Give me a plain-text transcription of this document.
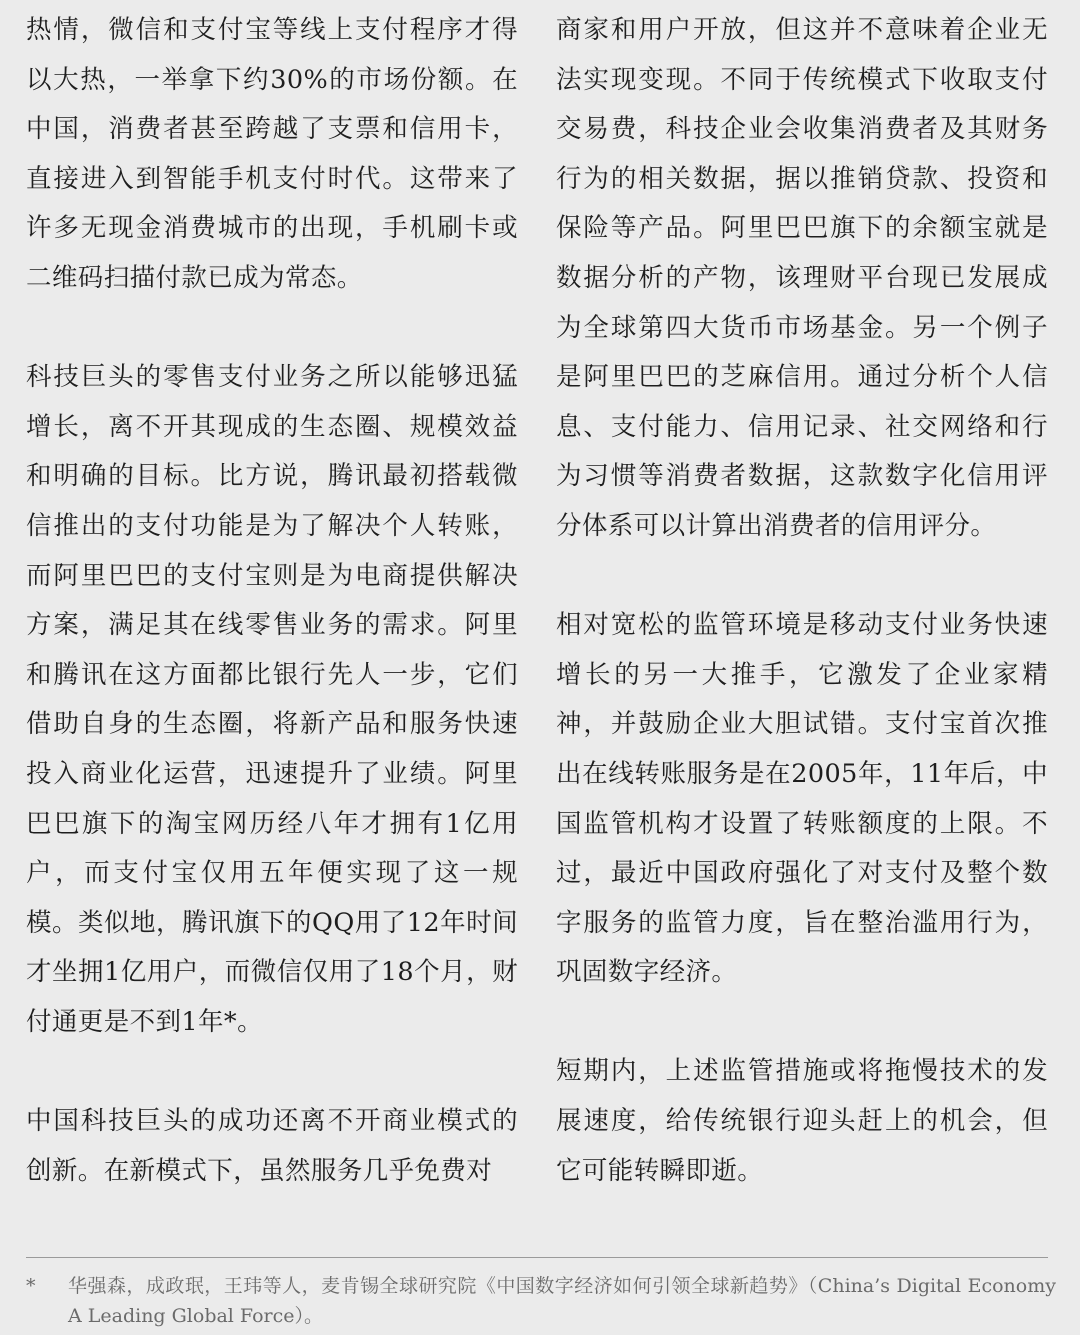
热情，微信和支付宝等线上支付程序才得以大热，一举拿下约30%的市场份额。在中国，消费者甚至跨越了支票和信用卡，直接进入到智能手机支付时代。这带来了许多无现金消费城市的出现，手机刷卡或二维码扫描付款已成为常态。

科技巨头的零售支付业务之所以能够迅猛增长，离不开其现成的生态圈、规模效益和明确的目标。比方说，腾讯最初搭载微信推出的支付功能是为了解决个人转账，而阿里巴巴的支付宝则是为电商提供解决方案，满足其在线零售业务的需求。阿里和腾讯在这方面都比银行先人一步，它们借助自身的生态圈，将新产品和服务快速投入商业化运营，迅速提升了业绩。阿里巴巴旗下的淘宝网历经八年才拥有1亿用户，而支付宝仅用五年便实现了这一规模。类似地，腾讯旗下的QQ用了12年时间才坐拥1亿用户，而微信仅用了18个月，财付通更是不到1年*。

中国科技巨头的成功还离不开商业模式的创新。在新模式下，虽然服务几乎免费对

商家和用户开放，但这并不意味着企业无法实现变现。不同于传统模式下收取支付交易费，科技企业会收集消费者及其财务行为的相关数据，据以推销贷款、投资和保险等产品。阿里巴巴旗下的余额宝就是数据分析的产物，该理财平台现已发展成为全球第四大货币市场基金。另一个例子是阿里巴巴的芝麻信用。通过分析个人信息、支付能力、信用记录、社交网络和行为习惯等消费者数据，这款数字化信用评分体系可以计算出消费者的信用评分。

相对宽松的监管环境是移动支付业务快速增长的另一大推手，它激发了企业家精神，并鼓励企业大胆试错。支付宝首次推出在线转账服务是在2005年，11年后，中国监管机构才设置了转账额度的上限。不过，最近中国政府强化了对支付及整个数字服务的监管力度，旨在整治滥用行为，巩固数字经济。

短期内，上述监管措施或将拖慢技术的发展速度，给传统银行迎头赶上的机会，但它可能转瞬即逝。

* 华强森，成政珉，王玮等人，麦肯锡全球研究院《中国数字经济如何引领全球新趋势》（China’s Digital Economy A Leading Global Force）。
